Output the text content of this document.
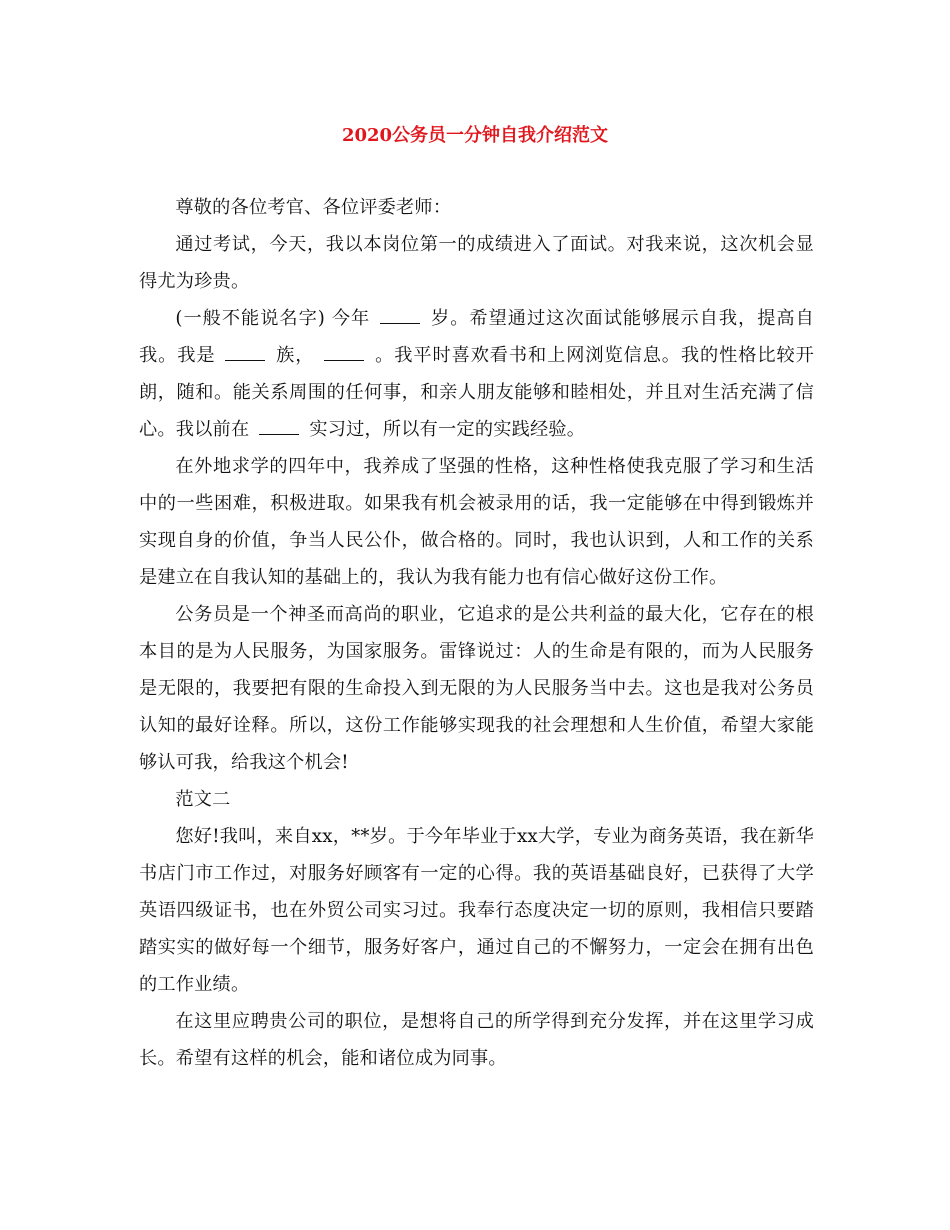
2020公务员一分钟自我介绍范文

尊敬的各位考官、各位评委老师：

通过考试，今天，我以本岗位第一的成绩进入了面试。对我来说，这次机会显得尤为珍贵。

(一般不能说名字) 今年	岁。希望通过这次面试能够展示自我，提高自我。我是	族，	。我平时喜欢看书和上网浏览信息。我的性格比较开朗，随和。能关系周围的任何事，和亲人朋友能够和睦相处，并且对生活充满了信心。我以前在	实习过，所以有一定的实践经验。

在外地求学的四年中，我养成了坚强的性格，这种性格使我克服了学习和生活中的一些困难，积极进取。如果我有机会被录用的话，我一定能够在中得到锻炼并实现自身的价值，争当人民公仆，做合格的。同时，我也认识到，人和工作的关系是建立在自我认知的基础上的，我认为我有能力也有信心做好这份工作。

公务员是一个神圣而高尚的职业，它追求的是公共利益的最大化，它存在的根本目的是为人民服务，为国家服务。雷锋说过：人的生命是有限的，而为人民服务是无限的，我要把有限的生命投入到无限的为人民服务当中去。这也是我对公务员认知的最好诠释。所以，这份工作能够实现我的社会理想和人生价值，希望大家能够认可我，给我这个机会!

范文二

您好!我叫，来自xx，**岁。于今年毕业于xx大学，专业为商务英语，我在新华书店门市工作过，对服务好顾客有一定的心得。我的英语基础良好，已获得了大学英语四级证书，也在外贸公司实习过。我奉行态度决定一切的原则，我相信只要踏踏实实的做好每一个细节，服务好客户，通过自己的不懈努力，一定会在拥有出色的工作业绩。

在这里应聘贵公司的职位，是想将自己的所学得到充分发挥，并在这里学习成长。希望有这样的机会，能和诸位成为同事。
